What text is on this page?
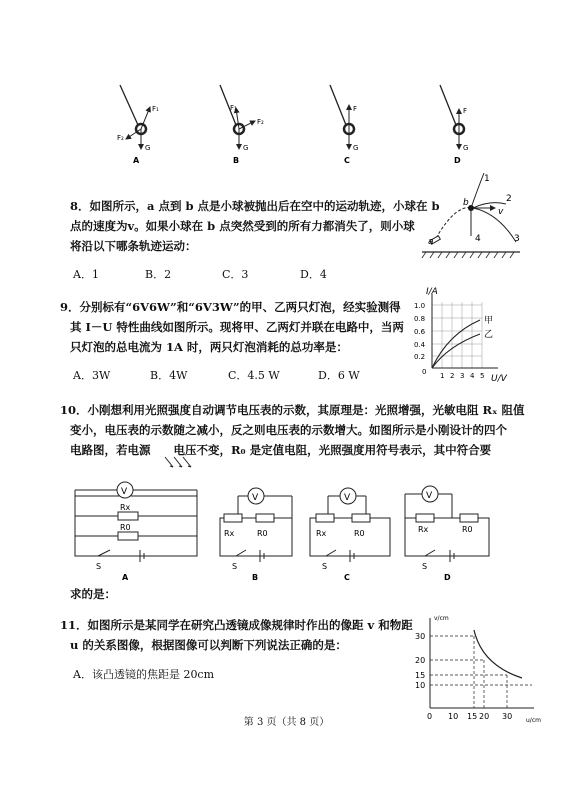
F₁
F₂
G
A
F₁
F₂
G
B
F
G
C
F
G
D
8．如图所示，a 点到 b 点是小球被抛出后在空中的运动轨迹，小球在 b
点的速度为v。如果小球在 b 点突然受到的所有力都消失了，则小球
将沿以下哪条轨迹运动：
A．1	B．2	C．3	D．4
a
b
v
1
2
3
4
9．分别标有“6V6W”和“6V3W”的甲、乙两只灯泡，经实验测得
其 I－U 特性曲线如图所示。现将甲、乙两灯并联在电路中，当两
只灯泡的总电流为 1A 时，两只灯泡消耗的总功率是：
A．3W	B．4W	C．4.5 W	D．6 W
I/A
U/V
1.0
0.8
0.6
0.4
0.2
0 1 2 3 4 5
甲
乙
10．小刚想利用光照强度自动调节电压表的示数，其原理是：光照增强，光敏电阻 Rₓ 阻值
变小，电压表的示数随之减小，反之则电压表的示数增大。如图所示是小刚设计的四个
电路图，若电源　　电压不变，R₀ 是定值电阻，光照强度用符号表示，其中符合要
V
Rx
R0
S
A
V
Rx	R0
S
B
V
Rx	R0
S
C
V
Rx	R0
S
D
求的是：
11．如图所示是某同学在研究凸透镜成像规律时作出的像距 v 和物距
u 的关系图像，根据图像可以判断下列说法正确的是：
A．该凸透镜的焦距是 20cm
v/cm
u/cm
30
20
15
10
0 10 15 20 30
第 3 页（共 8 页）
